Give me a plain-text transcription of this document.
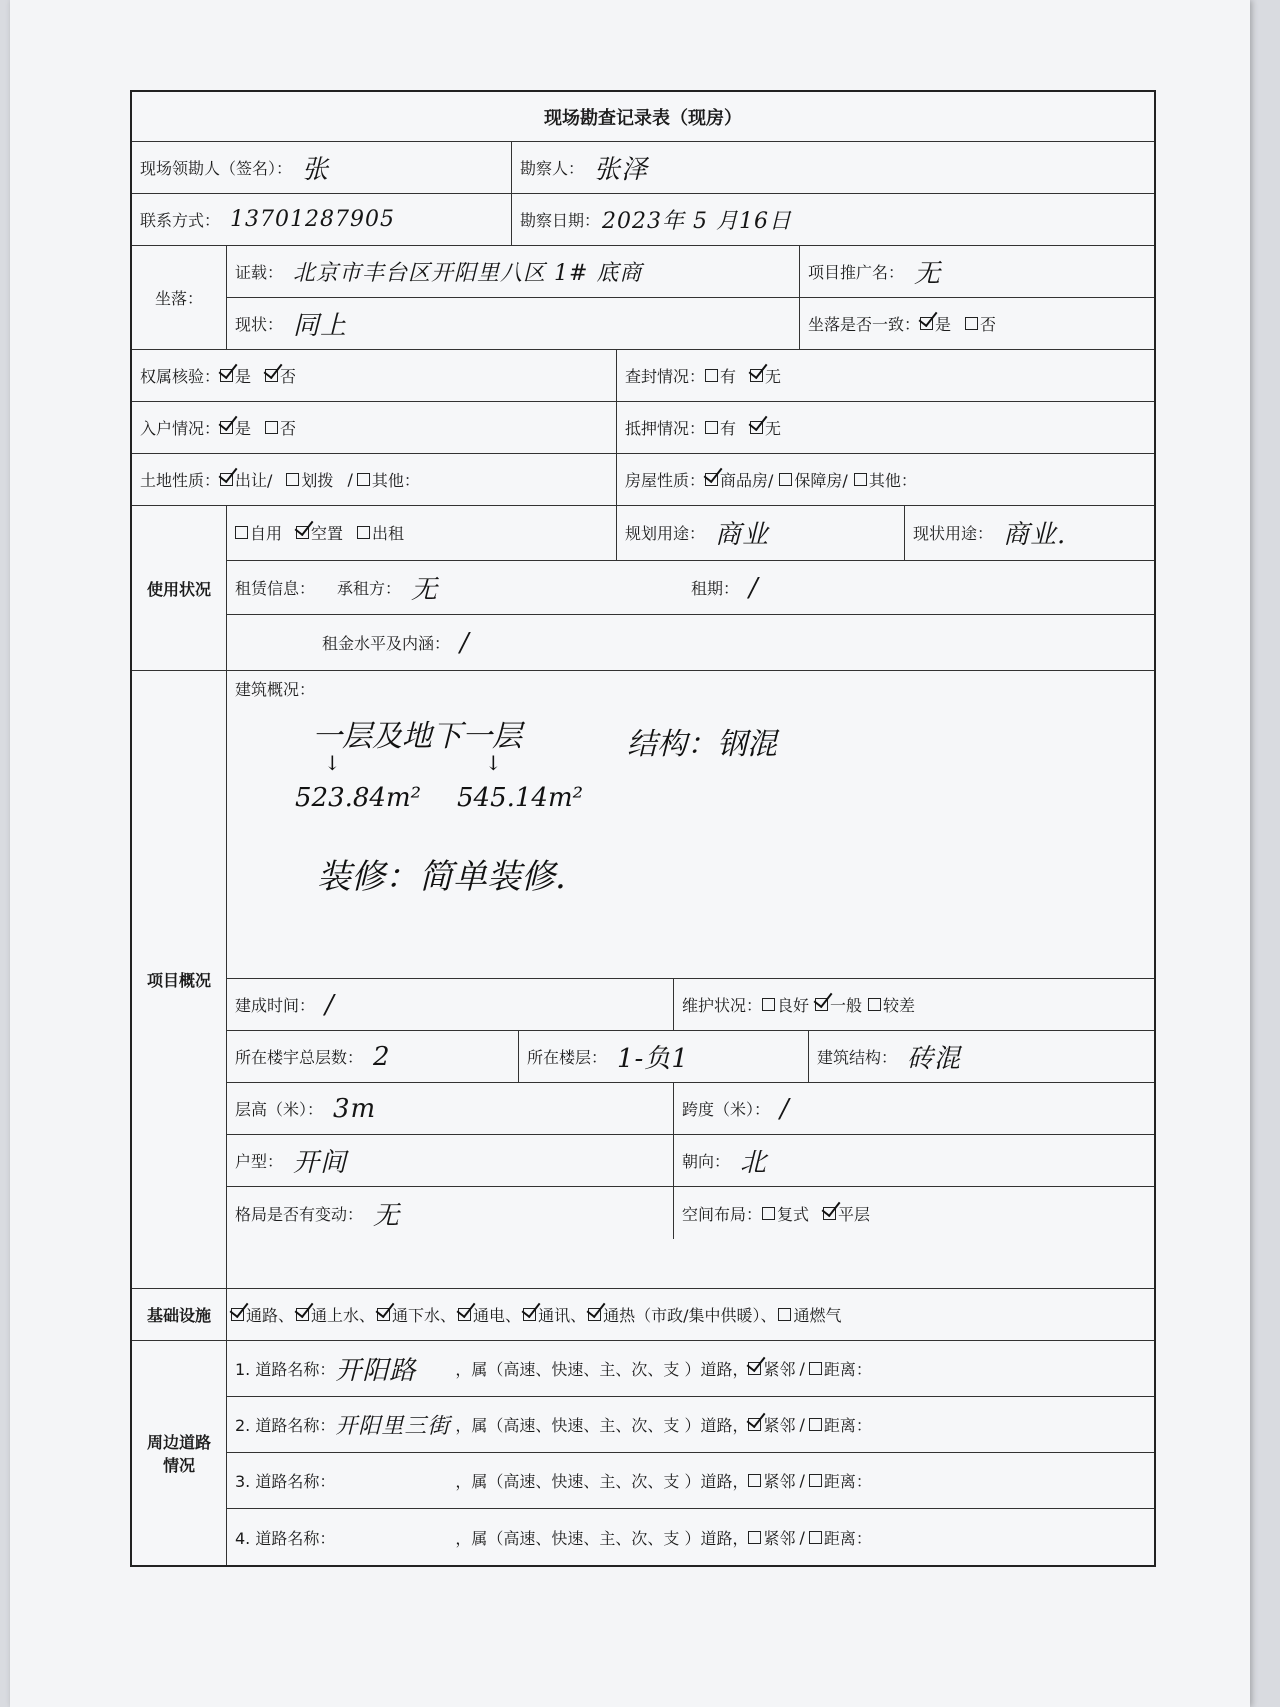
现场勘查记录表（现房）
现场领勘人（签名）： 张	勘察人： 张泽
联系方式： 13701287905	勘察日期： 2023年 5 月16日
坐落：
证载： 北京市丰台区开阳里八区 1# 底商	项目推广名： 无
现状： 同上	坐落是否一致： 是 否
权属核验： 是 否	查封情况： 有 无
入户情况： 是 否	抵押情况： 有 无
土地性质： 出让/ 划拨 / 其他：	房屋性质： 商品房/ 保障房/ 其他：
使用状况
自用 空置 出租	规划用途： 商业	现状用途： 商业.
租赁信息： 承租方： 无	租期： /
租金水平及内涵： /
项目概况
建筑概况：
一层及地下一层	结构：钢混
↓	↓
523.84m² 545.14m²
装修：简单装修.
建成时间： /	维护状况： 良好 一般 较差
所在楼宇总层数： 2	所在楼层： 1-负1	建筑结构： 砖混
层高（米）： 3m	跨度（米）： /
户型： 开间	朝向： 北
格局是否有变动： 无	空间布局： 复式 平层
基础设施	通路、 通上水、 通下水、 通电、 通讯、 通热（市政/集中供暖）、 通燃气
周边道路情况
1. 道路名称： 开阳路	，属（高速、快速、主、次、支 ）道路， 紧邻 / 距离：
2. 道路名称： 开阳里三街 ，属（高速、快速、主、次、支 ）道路， 紧邻 / 距离：
3. 道路名称：	，属（高速、快速、主、次、支 ）道路， 紧邻 / 距离：
4. 道路名称：	，属（高速、快速、主、次、支 ）道路， 紧邻 / 距离：
